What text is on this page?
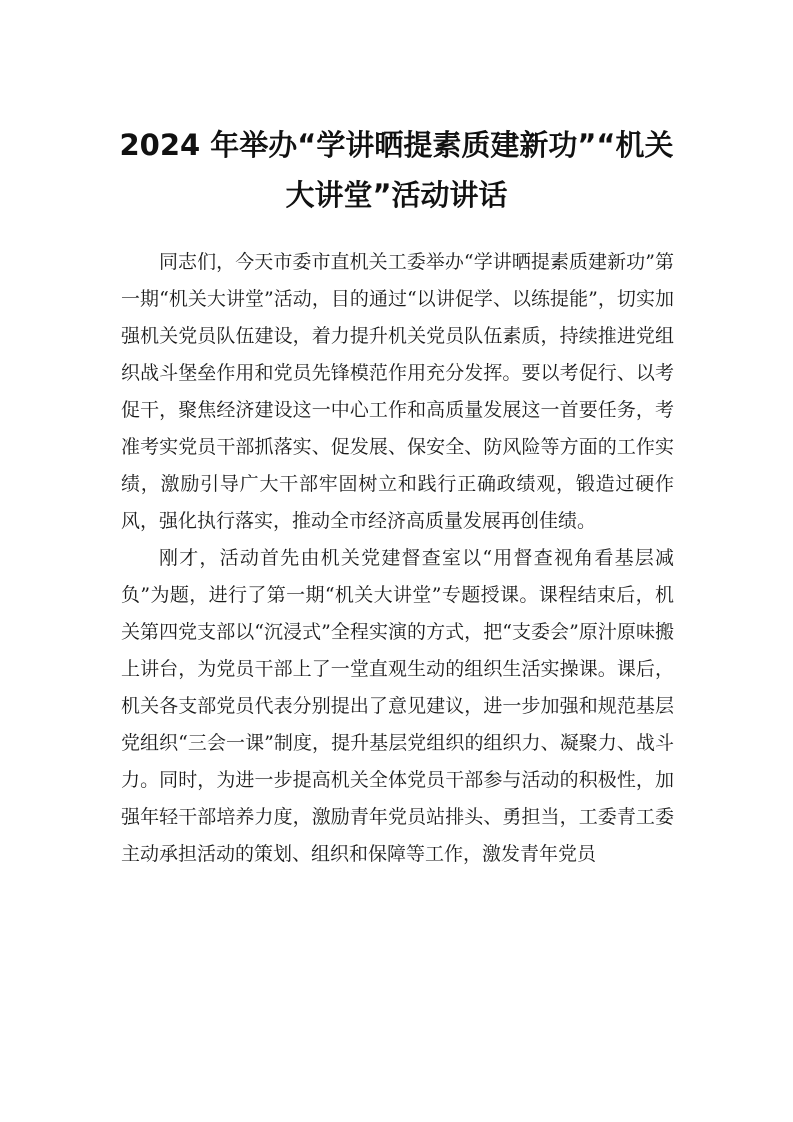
2024 年举办“学讲晒提素质建新功”“机关
大讲堂”活动讲话

同志们，今天市委市直机关工委举办“学讲晒提素质建新功”第一期“机关大讲堂”活动，目的通过“以讲促学、以练提能”，切实加强机关党员队伍建设，着力提升机关党员队伍素质，持续推进党组织战斗堡垒作用和党员先锋模范作用充分发挥。要以考促行、以考促干，聚焦经济建设这一中心工作和高质量发展这一首要任务，考准考实党员干部抓落实、促发展、保安全、防风险等方面的工作实绩，激励引导广大干部牢固树立和践行正确政绩观，锻造过硬作风，强化执行落实，推动全市经济高质量发展再创佳绩。

刚才，活动首先由机关党建督查室以“用督查视角看基层减负”为题，进行了第一期“机关大讲堂”专题授课。课程结束后，机关第四党支部以“沉浸式”全程实演的方式，把“支委会”原汁原味搬上讲台，为党员干部上了一堂直观生动的组织生活实操课。课后，机关各支部党员代表分别提出了意见建议，进一步加强和规范基层党组织“三会一课”制度，提升基层党组织的组织力、凝聚力、战斗力。同时，为进一步提高机关全体党员干部参与活动的积极性，加强年轻干部培养力度，激励青年党员站排头、勇担当，工委青工委主动承担活动的策划、组织和保障等工作，激发青年党员
